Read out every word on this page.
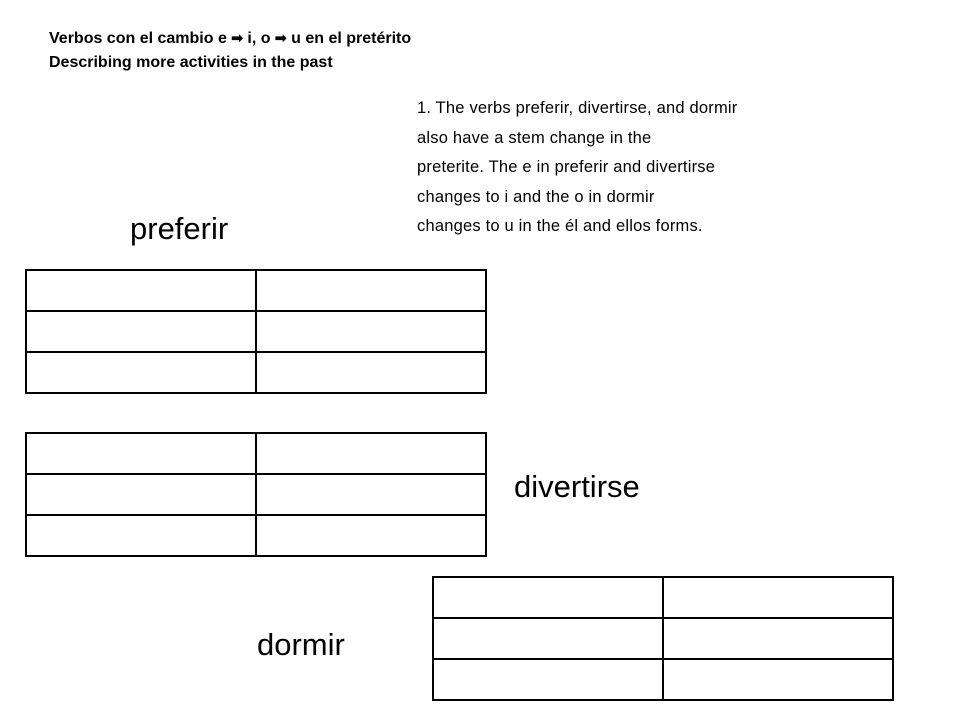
Verbos con el cambio e ➡ i, o ➡ u en el pretérito
Describing more activities in the past
1. The verbs preferir, divertirse, and dormir
also have a stem change in the
preterite. The e in preferir and divertirse
changes to i and the o in dormir
changes to u in the él and ellos forms.
preferir
divertirse
dormir
